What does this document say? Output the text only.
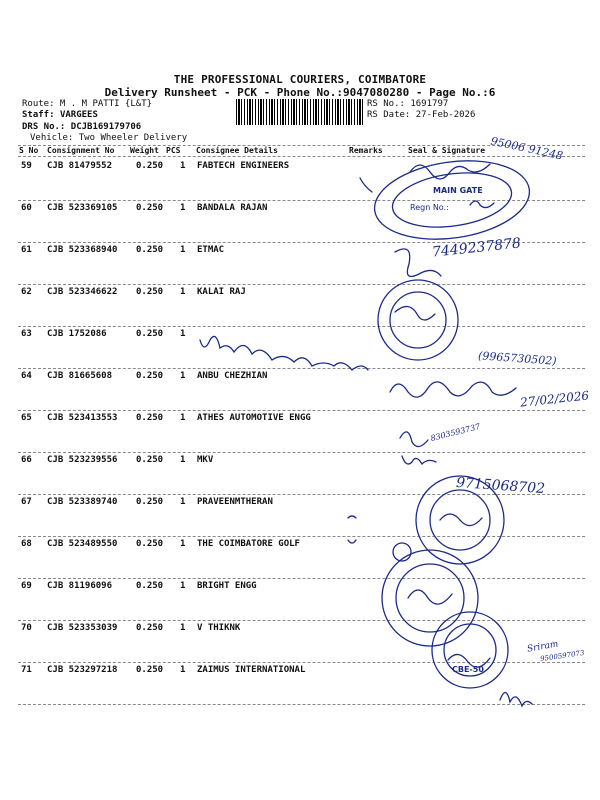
THE PROFESSIONAL COURIERS, COIMBATORE
Delivery Runsheet - PCK - Phone No.:9047080280 - Page No.:6
Route: M . M PATTI {L&T}
Staff: VARGEES
DRS No.: DCJB169179706
Vehicle: Two Wheeler Delivery
RS No.: 1691797
RS Date: 27-Feb-2026
S No Consignment No Weight PCS Consignee Details	Remarks	Seal & Signature
59 CJB 81479552	0.250 1 FABTECH ENGINEERS
60 CJB 523369105 0.250 1 BANDALA RAJAN
61 CJB 523368940 0.250 1 ETMAC
62 CJB 523346622 0.250 1 KALAI RAJ
63 CJB 1752086	0.250 1
64 CJB 81665608	0.250 1 ANBU CHEZHIAN
65 CJB 523413553 0.250 1 ATHES AUTOMOTIVE ENGG
66 CJB 523239556 0.250 1 MKV
67 CJB 523389740 0.250 1 PRAVEENMTHERAN
68 CJB 523489550 0.250 1 THE COIMBATORE GOLF
69 CJB 81196096	0.250 1 BRIGHT ENGG
70 CJB 523353039 0.250 1 V THIKNK
71 CJB 523297218 0.250 1 ZAIMUS INTERNATIONAL
95006 91248
MAIN GATE
Regn No.:
7449237878
(9965730502)
27/02/2026
8303593737
9715068702
CBE-50
Sriram
9500597073
